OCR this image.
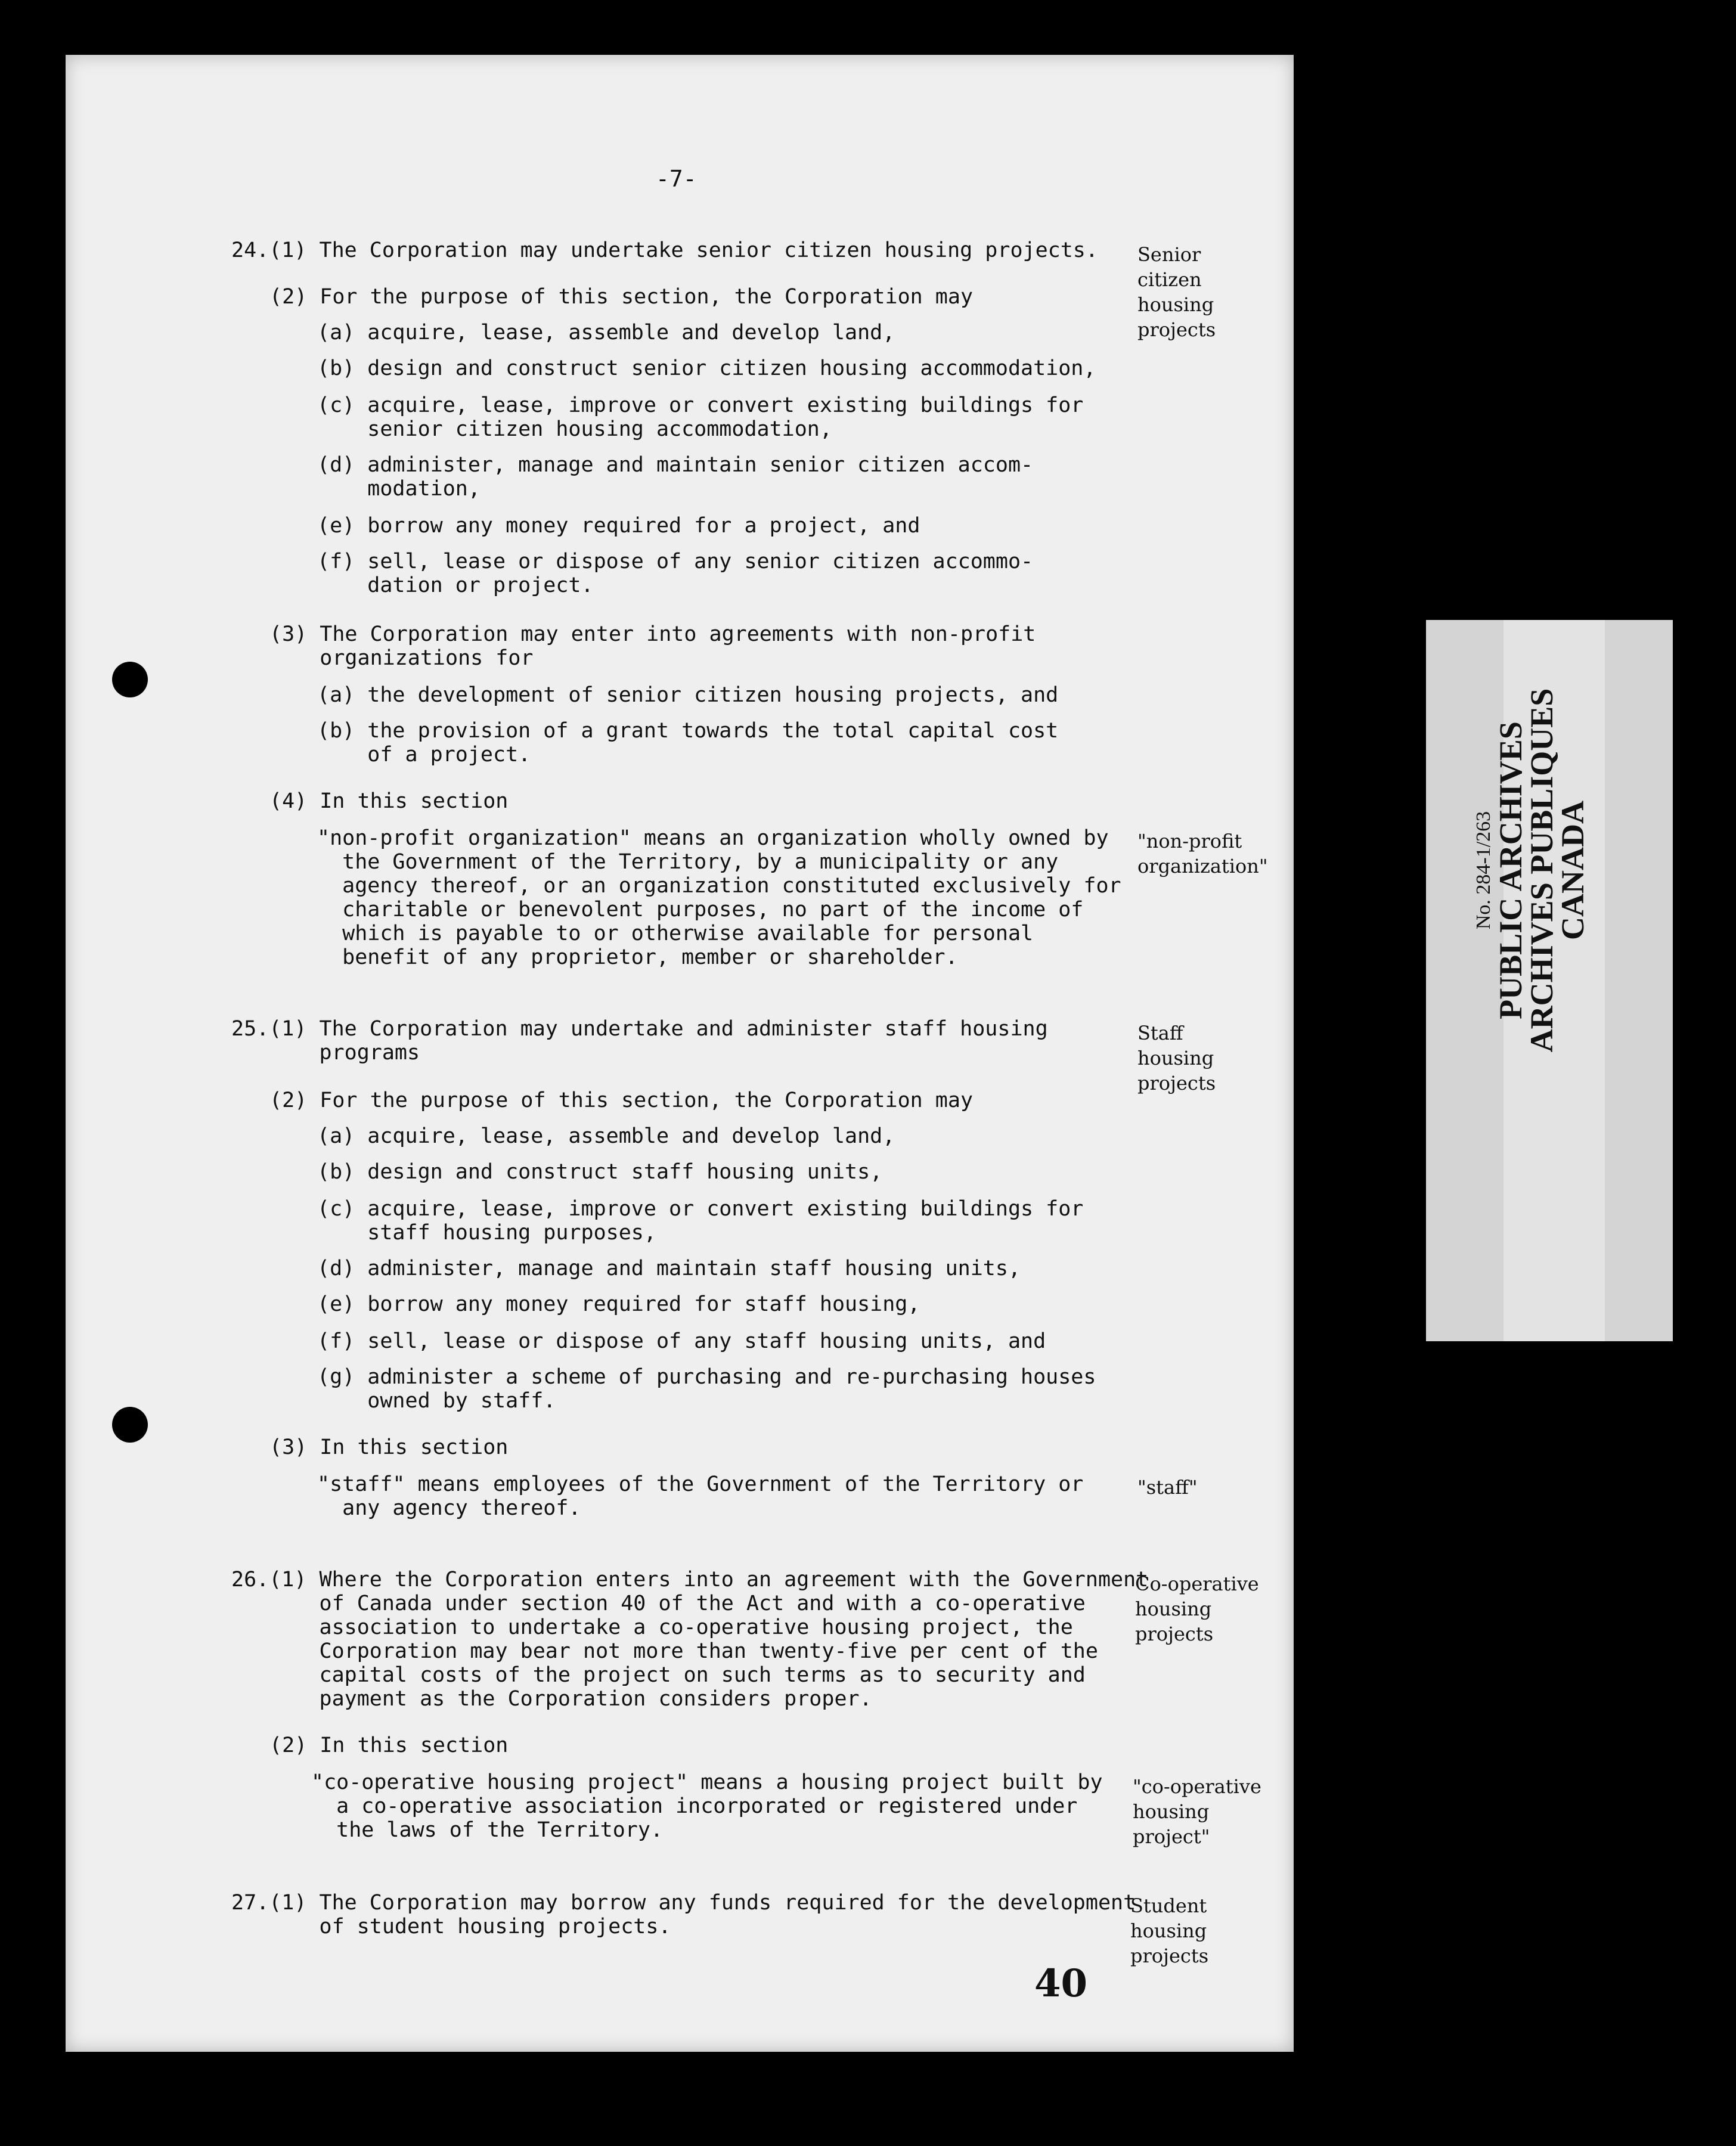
-7-
24.(1) The Corporation may undertake senior citizen housing projects.
(2) For the purpose of this section, the Corporation may
(a) acquire, lease, assemble and develop land,
(b) design and construct senior citizen housing accommodation,
(c) acquire, lease, improve or convert existing buildings for
senior citizen housing accommodation,
(d) administer, manage and maintain senior citizen accom-
modation,
(e) borrow any money required for a project, and
(f) sell, lease or dispose of any senior citizen accommo-
dation or project.
(3) The Corporation may enter into agreements with non-profit
organizations for
(a) the development of senior citizen housing projects, and
(b) the provision of a grant towards the total capital cost
of a project.
(4) In this section
"non-profit organization" means an organization wholly owned by
the Government of the Territory, by a municipality or any
agency thereof, or an organization constituted exclusively for
charitable or benevolent purposes, no part of the income of
which is payable to or otherwise available for personal
benefit of any proprietor, member or shareholder.
25.(1) The Corporation may undertake and administer staff housing
programs
(2) For the purpose of this section, the Corporation may
(a) acquire, lease, assemble and develop land,
(b) design and construct staff housing units,
(c) acquire, lease, improve or convert existing buildings for
staff housing purposes,
(d) administer, manage and maintain staff housing units,
(e) borrow any money required for staff housing,
(f) sell, lease or dispose of any staff housing units, and
(g) administer a scheme of purchasing and re-purchasing houses
owned by staff.
(3) In this section
"staff" means employees of the Government of the Territory or
any agency thereof.
26.(1) Where the Corporation enters into an agreement with the Government
of Canada under section 40 of the Act and with a co-operative
association to undertake a co-operative housing project, the
Corporation may bear not more than twenty-five per cent of the
capital costs of the project on such terms as to security and
payment as the Corporation considers proper.
(2) In this section
"co-operative housing project" means a housing project built by
a co-operative association incorporated or registered under
the laws of the Territory.
27.(1) The Corporation may borrow any funds required for the development
of student housing projects.
Senior
citizen
housing
projects
"non-profit
organization"
Staff
housing
projects
"staff"
Co-operative
housing
projects
"co-operative
housing
project"
Student
housing
projects
No. 284-1/263
PUBLIC ARCHIVES
ARCHIVES PUBLIQUES
CANADA
40
